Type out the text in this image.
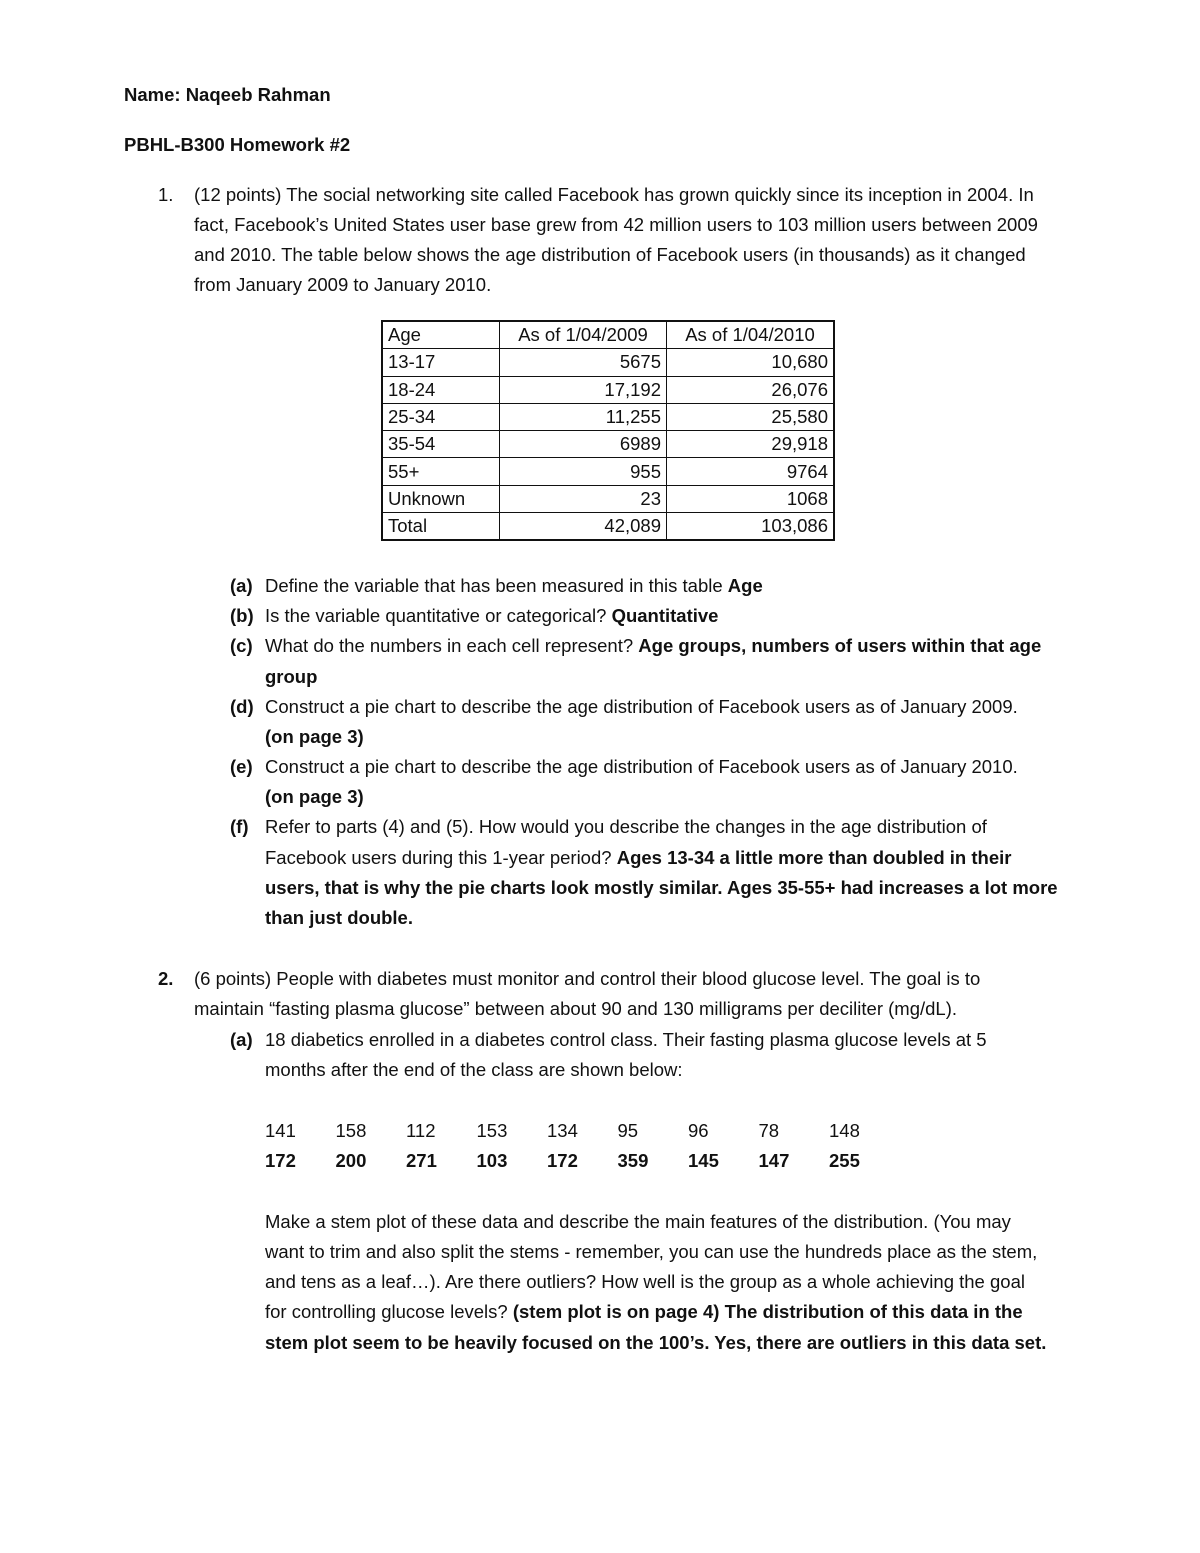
Name: Naqeeb Rahman
PBHL-B300 Homework #2
1. (12 points) The social networking site called Facebook has grown quickly since its inception in 2004. In
fact, Facebook’s United States user base grew from 42 million users to 103 million users between 2009
and 2010. The table below shows the age distribution of Facebook users (in thousands) as it changed
from January 2009 to January 2010.
Age	As of 1/04/2009	As of 1/04/2010
13-17	5675	10,680
18-24	17,192	26,076
25-34	11,255	25,580
35-54	6989	29,918
55+	955	9764
Unknown	23	1068
Total	42,089	103,086
(a)
(b)
(c)
(d)
(e)
(f)
Define the variable that has been measured in this table Age
Is the variable quantitative or categorical? Quantitative
What do the numbers in each cell represent? Age groups, numbers of users within that age
group
Construct a pie chart to describe the age distribution of Facebook users as of January 2009.
(on page 3)
Construct a pie chart to describe the age distribution of Facebook users as of January 2010.
(on page 3)
Refer to parts (4) and (5). How would you describe the changes in the age distribution of
Facebook users during this 1-year period? Ages 13-34 a little more than doubled in their
users, that is why the pie charts look mostly similar. Ages 35-55+ had increases a lot more
than just double.
2. (6 points) People with diabetes must monitor and control their blood glucose level. The goal is to
maintain “fasting plasma glucose” between about 90 and 130 milligrams per deciliter (mg/dL).
(a) 18 diabetics enrolled in a diabetes control class. Their fasting plasma glucose levels at 5
months after the end of the class are shown below:
141	158	112	153	134	95	96	78	148
172	200	271	103	172	359	145	147	255
Make a stem plot of these data and describe the main features of the distribution. (You may
want to trim and also split the stems - remember, you can use the hundreds place as the stem,
and tens as a leaf…). Are there outliers? How well is the group as a whole achieving the goal
for controlling glucose levels? (stem plot is on page 4) The distribution of this data in the
stem plot seem to be heavily focused on the 100’s. Yes, there are outliers in this data set.
